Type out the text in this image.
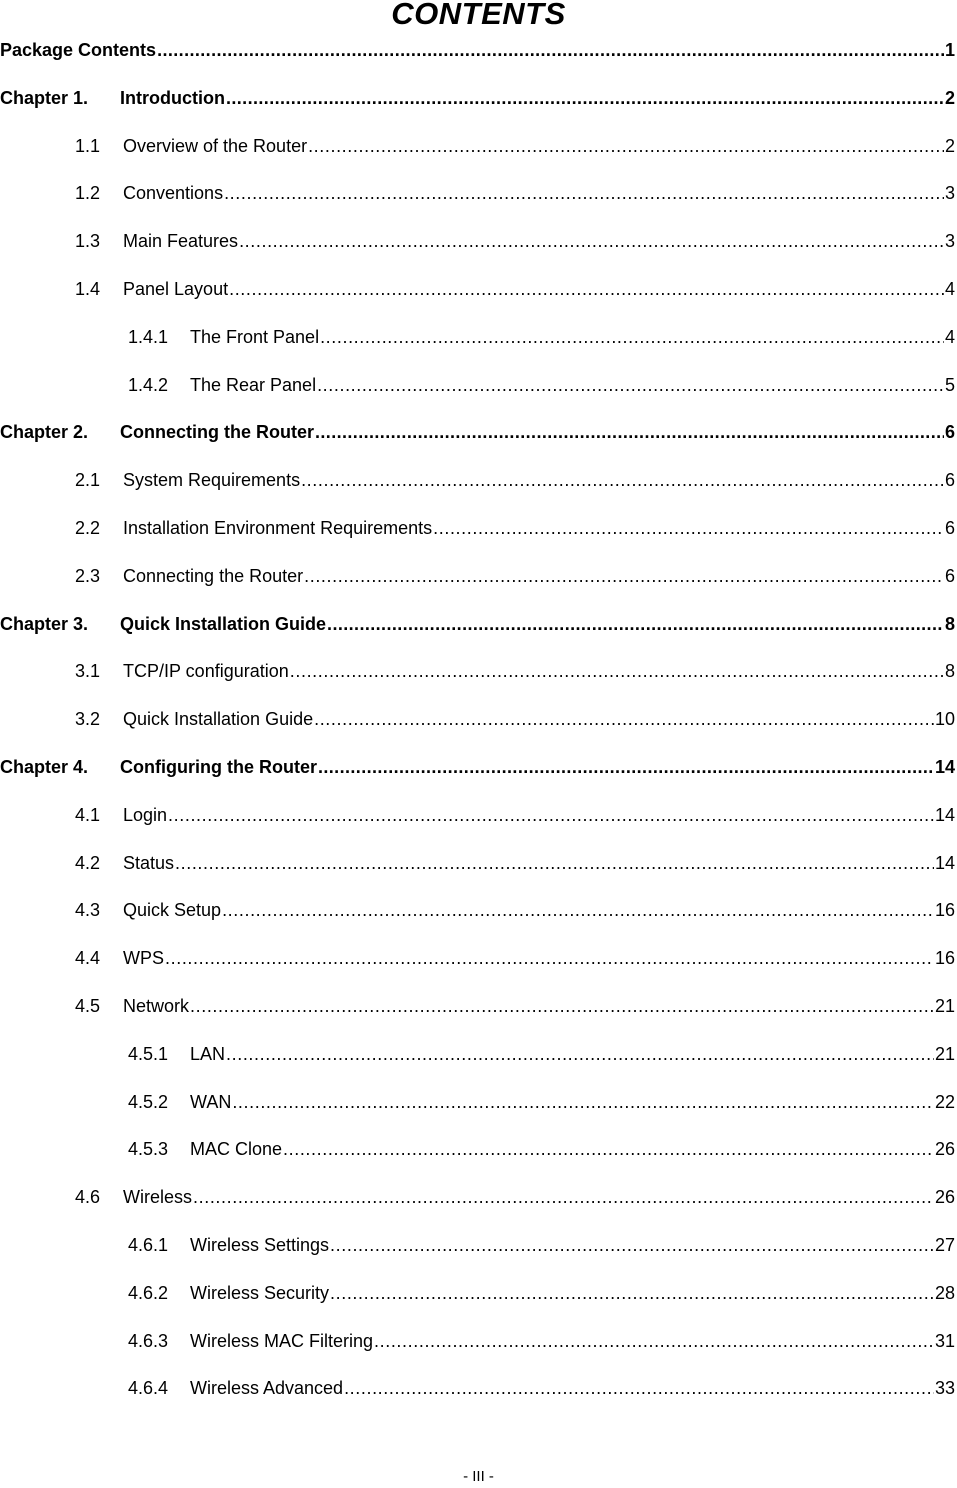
CONTENTS
Package Contents .....	1
Chapter 1.	Introduction .....	2
1.1	Overview of the Router .....	2
1.2	Conventions .....	3
1.3	Main Features .....	3
1.4	Panel Layout .....	4
1.4.1	The Front Panel .....	4
1.4.2	The Rear Panel .....	5
Chapter 2.	Connecting the Router .....	6
2.1	System Requirements .....	6
2.2	Installation Environment Requirements .....	6
2.3	Connecting the Router .....	6
Chapter 3.	Quick Installation Guide .....	8
3.1	TCP/IP configuration .....	8
3.2	Quick Installation Guide .....	10
Chapter 4.	Configuring the Router .....	14
4.1	Login .....	14
4.2	Status .....	14
4.3	Quick Setup .....	16
4.4	WPS .....	16
4.5	Network .....	21
4.5.1	LAN .....	21
4.5.2	WAN .....	22
4.5.3	MAC Clone .....	26
4.6	Wireless .....	26
4.6.1	Wireless Settings .....	27
4.6.2	Wireless Security .....	28
4.6.3	Wireless MAC Filtering .....	31
4.6.4	Wireless Advanced .....	33
- III -
